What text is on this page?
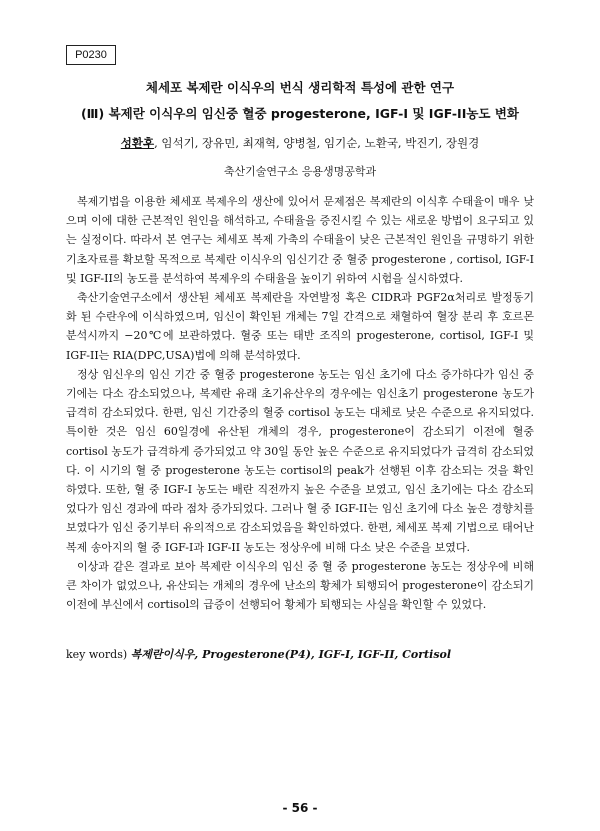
P0230
체세포 복제란 이식우의 번식 생리학적 특성에 관한 연구
(Ⅲ) 복제란 이식우의 임신중 혈중 progesterone, IGF-I 및 IGF-II농도 변화
성환후, 임석기, 장유민, 최재혁, 양병철, 임기순, 노환국, 박진기, 장원경
축산기술연구소 응용생명공학과

복제기법을 이용한 체세포 복제우의 생산에 있어서 문제점은 복제란의 이식후 수태율이 매우 낮으며 이에 대한 근본적인 원인을 해석하고, 수태율을 증진시킬 수 있는 새로운 방법이 요구되고 있는 실정이다. 따라서 본 연구는 체세포 복제 가축의 수태율이 낮은 근본적인 원인을 규명하기 위한 기초자료를 확보할 목적으로 복제란 이식우의 임신기간 중 혈중 progesterone , cortisol, IGF-I 및 IGF-II의 농도를 분석하여 복제우의 수태율을 높이기 위하여 시험을 실시하였다.

축산기술연구소에서 생산된 체세포 복제란을 자연발정 혹은 CIDR과 PGF2α처리로 발정동기화 된 수란우에 이식하였으며, 임신이 확인된 개체는 7일 간격으로 채혈하여 혈장 분리 후 호르몬 분석시까지 −20℃에 보관하였다. 혈중 또는 태반 조직의 progesterone, cortisol, IGF-I 및 IGF-II는 RIA(DPC,USA)법에 의해 분석하였다.

정상 임신우의 임신 기간 중 혈중 progesterone 농도는 임신 초기에 다소 증가하다가 임신 중기에는 다소 감소되었으나, 복제란 유래 초기유산우의 경우에는 임신초기 progesterone 농도가 급격히 감소되었다. 한편, 임신 기간중의 혈중 cortisol 농도는 대체로 낮은 수준으로 유지되었다. 특이한 것은 임신 60일경에 유산된 개체의 경우, progesterone이 감소되기 이전에 혈중 cortisol 농도가 급격하게 증가되었고 약 30일 동안 높은 수준으로 유지되었다가 급격히 감소되었다. 이 시기의 혈 중 progesterone 농도는 cortisol의 peak가 선행된 이후 감소되는 것을 확인하였다. 또한, 혈 중 IGF-I 농도는 배란 직전까지 높은 수준을 보였고, 임신 초기에는 다소 감소되었다가 임신 경과에 따라 점차 증가되었다. 그러나 혈 중 IGF-II는 임신 초기에 다소 높은 경향치를 보였다가 임신 중기부터 유의적으로 감소되었음을 확인하였다. 한편, 체세포 복제 기법으로 태어난 복제 송아지의 혈 중 IGF-I과 IGF-II 농도는 정상우에 비해 다소 낮은 수준을 보였다.

이상과 같은 결과로 보아 복제란 이식우의 임신 중 혈 중 progesterone 농도는 정상우에 비해 큰 차이가 없었으나, 유산되는 개체의 경우에 난소의 황체가 퇴행되어 progesterone이 감소되기 이전에 부신에서 cortisol의 급증이 선행되어 황체가 퇴행되는 사실을 확인할 수 있었다.

key words) 복제란이식우, Progesterone(P4), IGF-I, IGF-II, Cortisol
- 56 -
